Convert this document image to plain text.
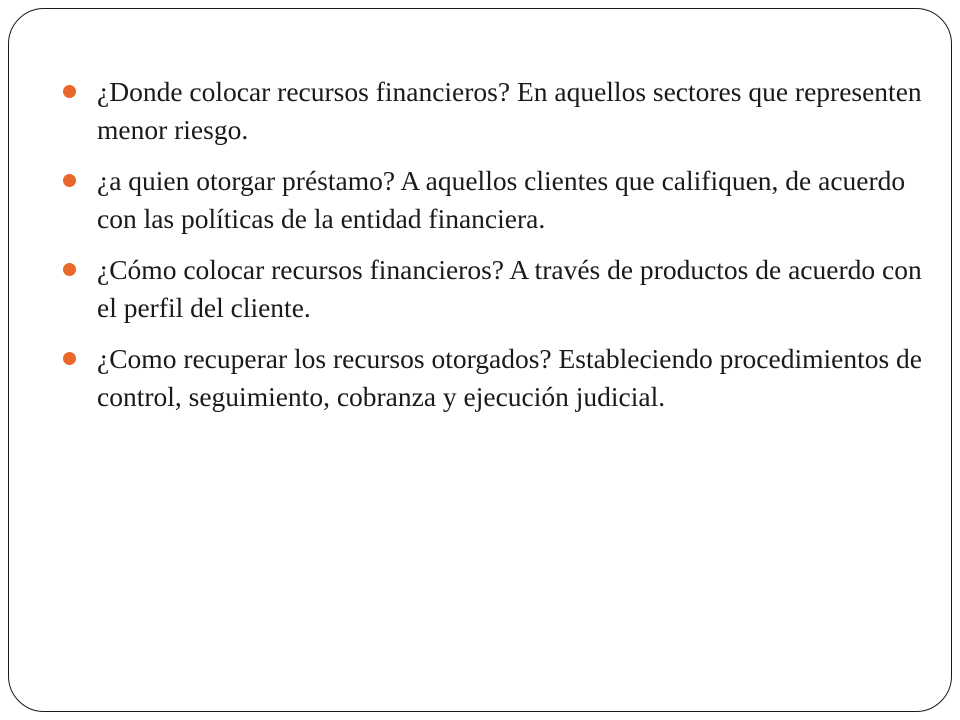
¿Donde colocar recursos financieros? En aquellos sectores que representen menor riesgo.
¿a quien otorgar préstamo? A aquellos clientes que califiquen, de acuerdo con las políticas de la entidad financiera.
¿Cómo colocar recursos financieros? A través de productos de acuerdo con el perfil del cliente.
¿Como recuperar los recursos otorgados? Estableciendo procedimientos de control, seguimiento, cobranza y ejecución judicial.
